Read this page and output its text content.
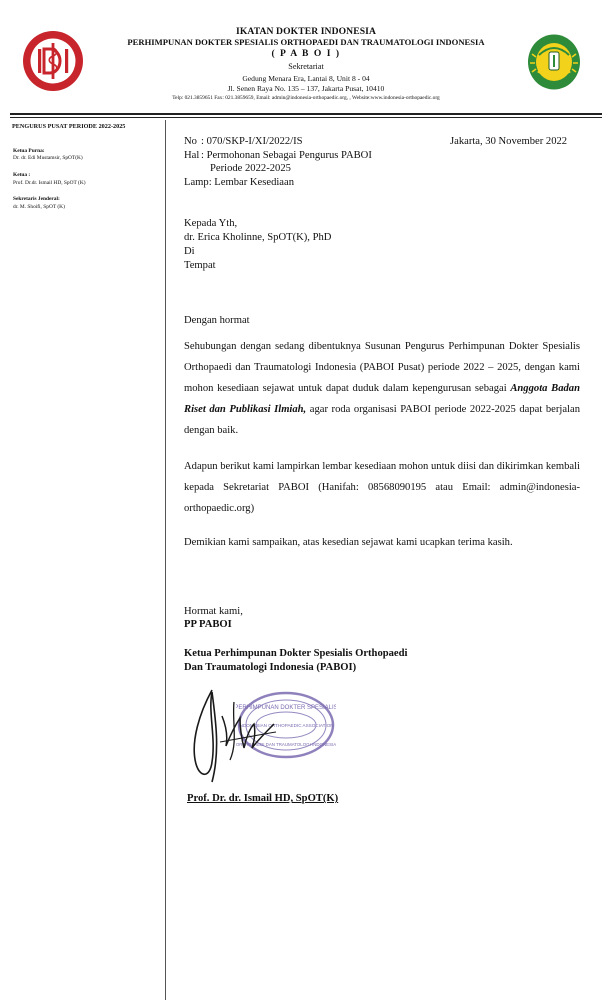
IKATAN DOKTER INDONESIA
PERHIMPUNAN DOKTER SPESIALIS ORTHOPAEDI DAN TRAUMATOLOGI INDONESIA
( P A B O I )
Sekretariat
Gedung Menara Era, Lantai 8, Unit 8 - 04
Jl. Senen Raya No. 135 – 137, Jakarta Pusat, 10410
Telp: 021.3859651 Fax: 021.3859659, Email: admin@indonesia-orthopaedic.org, , Website:www.indonesia-orthopaedic.org
PENGURUS PUSAT PERIODE 2022-2025
Ketua Purna:
Dr. dr. Edi Mustamsir, SpOT(K)
Ketua :
Prof. Dr.dr. Ismail HD, SpOT (K)
Sekretaris Jenderal:
dr. M. Shoifi, SpOT (K)
No : 070/SKP-I/XI/2022/IS	Jakarta, 30 November 2022
Hal : Permohonan Sebagai Pengurus PABOI
Periode 2022-2025
Lamp: Lembar Kesediaan
Kepada Yth,
dr. Erica Kholinne, SpOT(K), PhD
Di
Tempat
Dengan hormat
Sehubungan dengan sedang dibentuknya Susunan Pengurus Perhimpunan Dokter Spesialis Orthopaedi dan Traumatologi Indonesia (PABOI Pusat) periode 2022 – 2025, dengan kami mohon kesediaan sejawat untuk dapat duduk dalam kepengurusan sebagai Anggota Badan Riset dan Publikasi Ilmiah, agar roda organisasi PABOI periode 2022-2025 dapat berjalan dengan baik.
Adapun berikut kami lampirkan lembar kesediaan mohon untuk diisi dan dikirimkan kembali kepada Sekretariat PABOI (Hanifah: 08568090195 atau Email: admin@indonesia-orthopaedic.org)
Demikian kami sampaikan, atas kesedian sejawat kami ucapkan terima kasih.
Hormat kami,
PP PABOI
Ketua Perhimpunan Dokter Spesialis Orthopaedi
Dan Traumatologi Indonesia (PABOI)
PERHIMPUNAN DOKTER SPESIALIS
INDONESIAN ORTHOPAEDIC ASSOCIATION
ORTHOPAEDI DAN TRAUMATOLOGI INDONESIA
Prof. Dr. dr. Ismail HD, SpOT(K)
